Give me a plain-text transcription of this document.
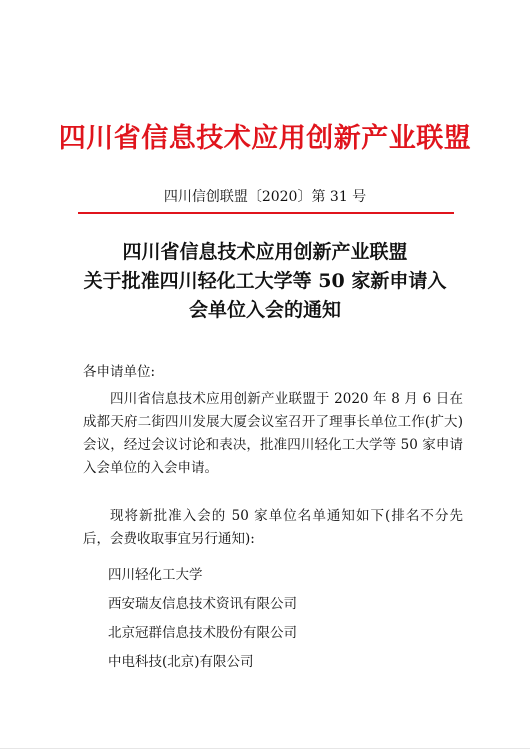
四川省信息技术应用创新产业联盟
四川信创联盟〔2020〕第 31 号
四川省信息技术应用创新产业联盟
关于批准四川轻化工大学等 50 家新申请入
会单位入会的通知
各申请单位:
四川省信息技术应用创新产业联盟于 2020 年 8 月 6 日在成都天府二街四川发展大厦会议室召开了理事长单位工作(扩大)会议，经过会议讨论和表决，批准四川轻化工大学等 50 家申请入会单位的入会申请。
现将新批准入会的 50 家单位名单通知如下(排名不分先后，会费收取事宜另行通知):
四川轻化工大学
西安瑞友信息技术资讯有限公司
北京冠群信息技术股份有限公司
中电科技(北京)有限公司
